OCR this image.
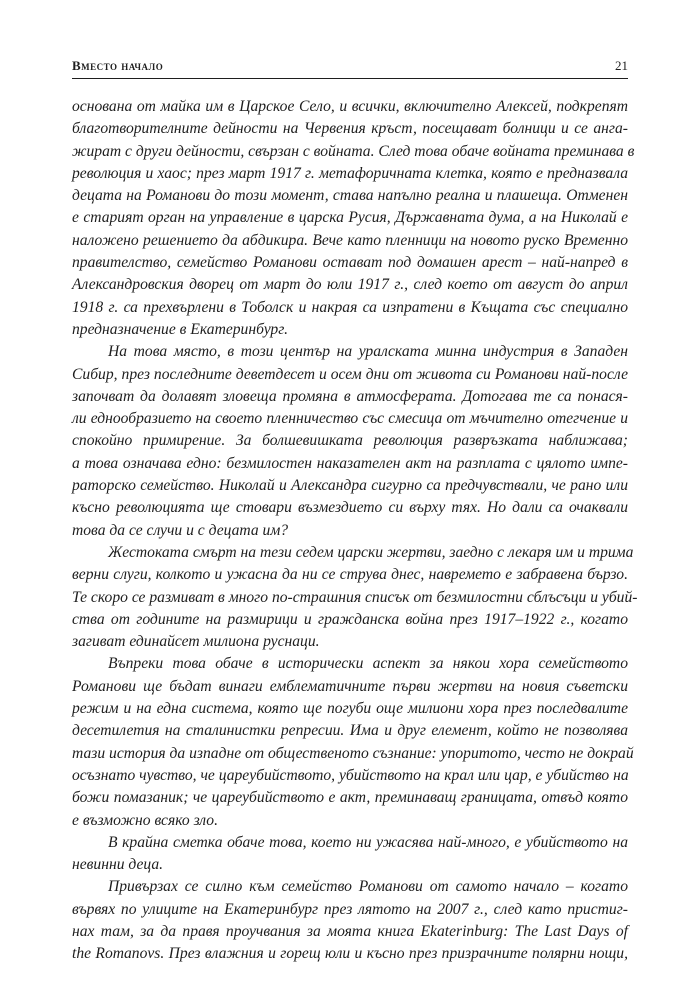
Вместо начало	21

основана от майка им в Царское Село, и всички, включително Алексей, подкрепят
благотворителните дейности на Червения кръст, посещават болници и се анга-
жират с други дейности, свързан с войната. След това обаче войната преминава в
революция и хаос; през март 1917 г. метафоричната клетка, която е предназвала
децата на Романови до този момент, става напълно реална и плашеща. Отменен
е старият орган на управление в царска Русия, Държавната дума, а на Николай е
наложено решението да абдикира. Вече като пленници на новото руско Временно
правителство, семейство Романови остават под домашен арест – най-напред в
Александровския дворец от март до юли 1917 г., след което от август до април
1918 г. са прехвърлени в Тоболск и накрая са изпратени в Къщата със специално
предназначение в Екатеринбург.

На това място, в този център на уралската минна индустрия в Западен
Сибир, през последните деветдесет и осем дни от живота си Романови най-после
започват да долавят зловеща промяна в атмосферата. Дотогава те са понася-
ли еднообразието на своето пленничество със смесица от мъчително отегчение и
спокойно примирение. За болшевишката революция развръзката наближава;
а това означава едно: безмилостен наказателен акт на разплата с цялото импе-
раторско семейство. Николай и Александра сигурно са предчувствали, че рано или
късно революцията ще стовари възмездието си върху тях. Но дали са очаквали
това да се случи и с децата им?

Жестоката смърт на тези седем царски жертви, заедно с лекаря им и трима
верни слуги, колкото и ужасна да ни се струва днес, навремето е забравена бързо.
Те скоро се размиват в много по-страшния списък от безмилостни сблъсъци и убий-
ства от годините на размирици и гражданска война през 1917–1922 г., когато
загиват единайсет милиона руснаци.

Въпреки това обаче в исторически аспект за някои хора семейството
Романови ще бъдат винаги емблематичните първи жертви на новия съветски
режим и на една система, която ще погуби още милиони хора през последвалите
десетилетия на сталинистки репресии. Има и друг елемент, който не позволява
тази история да изпадне от общественото съзнание: упоритото, често не докрай
осъзнато чувство, че цареубийството, убийството на крал или цар, е убийство на
божи помазаник; че цареубийството е акт, преминаващ границата, отвъд която
е възможно всяко зло.

В крайна сметка обаче това, което ни ужасява най-много, е убийството на
невинни деца.

Привързах се силно към семейство Романови от самото начало – когато
вървях по улиците на Екатеринбург през лятото на 2007 г., след като пристиг-
нах там, за да правя проучвания за моята книга Ekaterinburg: The Last Days of
the Romanovs. През влажния и горещ юли и късно през призрачните полярни нощи,
